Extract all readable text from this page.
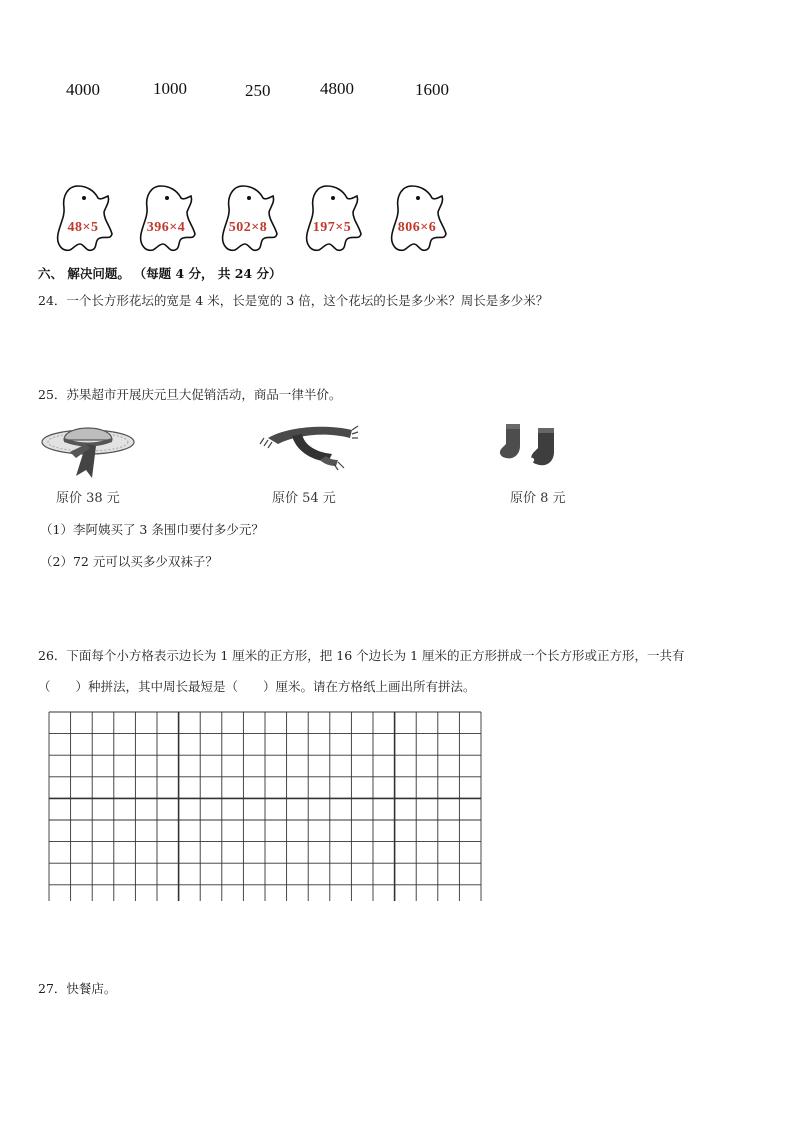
4000	1000	250	4800	1600
48×5	396×4	502×8	197×5	806×6
六、 解决问题。 （每题 4 分， 共 24 分）
24．一个长方形花坛的宽是 4 米，长是宽的 3 倍，这个花坛的长是多少米？周长是多少米？
25．苏果超市开展庆元旦大促销活动，商品一律半价。
原价 38 元	原价 54 元	原价 8 元
（1）李阿姨买了 3 条围巾要付多少元？
（2）72 元可以买多少双袜子？
26．下面每个小方格表示边长为 1 厘米的正方形，把 16 个边长为 1 厘米的正方形拼成一个长方形或正方形，一共有
（　　）种拼法，其中周长最短是（　　）厘米。请在方格纸上画出所有拼法。
27．快餐店。
